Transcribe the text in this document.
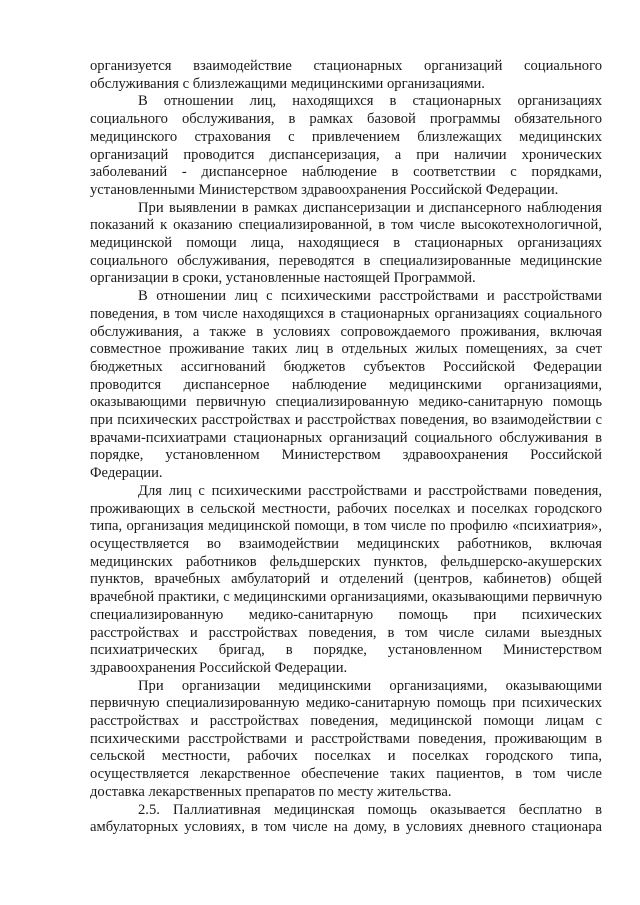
организуется взаимодействие стационарных организаций социального обслуживания с близлежащими медицинскими организациями.

В отношении лиц, находящихся в стационарных организациях социального обслуживания, в рамках базовой программы обязательного медицинского страхования с привлечением близлежащих медицинских организаций проводится диспансеризация, а при наличии хронических заболеваний - диспансерное наблюдение в соответствии с порядками, установленными Министерством здравоохранения Российской Федерации.

При выявлении в рамках диспансеризации и диспансерного наблюдения показаний к оказанию специализированной, в том числе высокотехнологичной, медицинской помощи лица, находящиеся в стационарных организациях социального обслуживания, переводятся в специализированные медицинские организации в сроки, установленные настоящей Программой.

В отношении лиц с психическими расстройствами и расстройствами поведения, в том числе находящихся в стационарных организациях социального обслуживания, а также в условиях сопровождаемого проживания, включая совместное проживание таких лиц в отдельных жилых помещениях, за счет бюджетных ассигнований бюджетов субъектов Российской Федерации проводится диспансерное наблюдение медицинскими организациями, оказывающими первичную специализированную медико-санитарную помощь при психических расстройствах и расстройствах поведения, во взаимодействии с врачами-психиатрами стационарных организаций социального обслуживания в порядке, установленном Министерством здравоохранения Российской Федерации.

Для лиц с психическими расстройствами и расстройствами поведения, проживающих в сельской местности, рабочих поселках и поселках городского типа, организация медицинской помощи, в том числе по профилю «психиатрия», осуществляется во взаимодействии медицинских работников, включая медицинских работников фельдшерских пунктов, фельдшерско-акушерских пунктов, врачебных амбулаторий и отделений (центров, кабинетов) общей врачебной практики, с медицинскими организациями, оказывающими первичную специализированную медико-санитарную помощь при психических расстройствах и расстройствах поведения, в том числе силами выездных психиатрических бригад, в порядке, установленном Министерством здравоохранения Российской Федерации.

При организации медицинскими организациями, оказывающими первичную специализированную медико-санитарную помощь при психических расстройствах и расстройствах поведения, медицинской помощи лицам с психическими расстройствами и расстройствами поведения, проживающим в сельской местности, рабочих поселках и поселках городского типа, осуществляется лекарственное обеспечение таких пациентов, в том числе доставка лекарственных препаратов по месту жительства.

2.5. Паллиативная медицинская помощь оказывается бесплатно в амбулаторных условиях, в том числе на дому, в условиях дневного стационара
